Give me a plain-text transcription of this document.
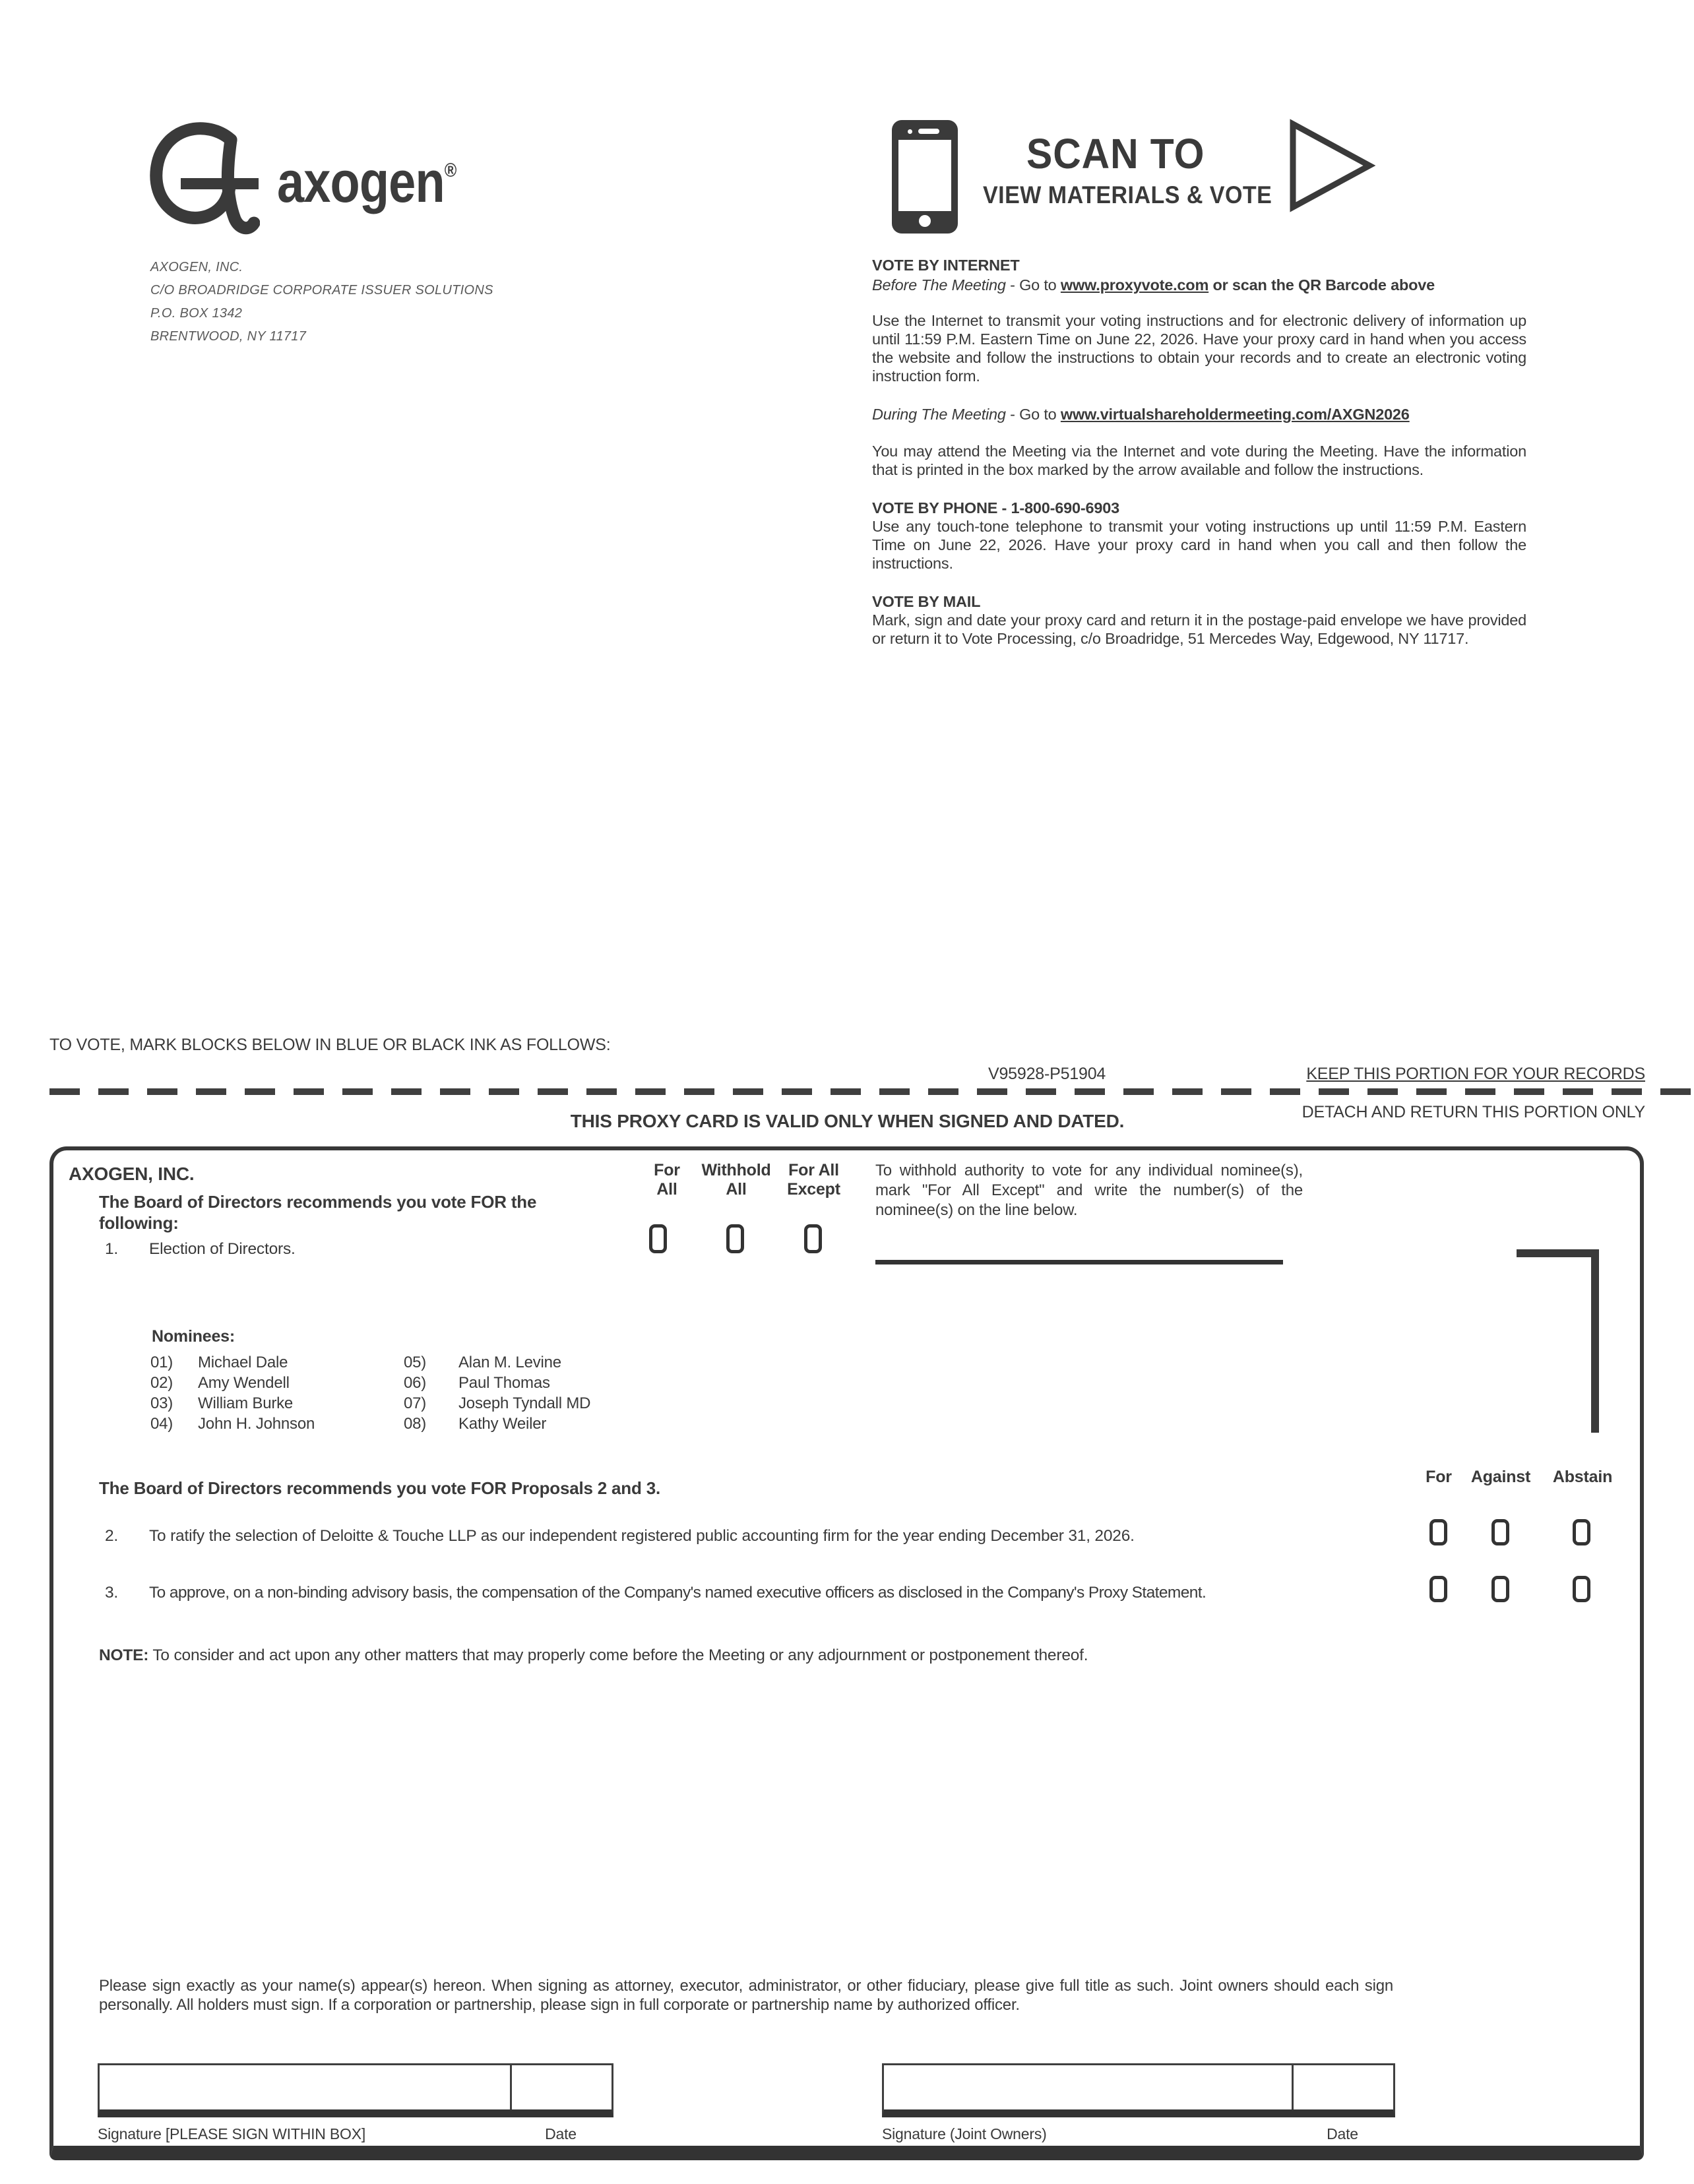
axogen®
AXOGEN, INC.
C/O BROADRIDGE CORPORATE ISSUER SOLUTIONS
P.O. BOX 1342
BRENTWOOD, NY 11717
SCAN TO
VIEW MATERIALS & VOTE
VOTE BY INTERNET
Before The Meeting - Go to www.proxyvote.com or scan the QR Barcode above
Use the Internet to transmit your voting instructions and for electronic delivery of information up until 11:59 P.M. Eastern Time on June 22, 2026. Have your proxy card in hand when you access the website and follow the instructions to obtain your records and to create an electronic voting instruction form.
During The Meeting - Go to www.virtualshareholdermeeting.com/AXGN2026
You may attend the Meeting via the Internet and vote during the Meeting. Have the information that is printed in the box marked by the arrow available and follow the instructions.
VOTE BY PHONE - 1-800-690-6903
Use any touch-tone telephone to transmit your voting instructions up until 11:59 P.M. Eastern Time on June 22, 2026. Have your proxy card in hand when you call and then follow the instructions.
VOTE BY MAIL
Mark, sign and date your proxy card and return it in the postage-paid envelope we have provided or return it to Vote Processing, c/o Broadridge, 51 Mercedes Way, Edgewood, NY 11717.
TO VOTE, MARK BLOCKS BELOW IN BLUE OR BLACK INK AS FOLLOWS:
V95928-P51904	KEEP THIS PORTION FOR YOUR RECORDS
DETACH AND RETURN THIS PORTION ONLY
THIS PROXY CARD IS VALID ONLY WHEN SIGNED AND DATED.
AXOGEN, INC.
The Board of Directors recommends you vote FOR the following:
For
All
Withhold
All
For All
Except
To withhold authority to vote for any individual nominee(s), mark "For All Except" and write the number(s) of the nominee(s) on the line below.
1. Election of Directors.
Nominees:
01) Michael Dale
02) Amy Wendell
03) William Burke
04) John H. Johnson
05) Alan M. Levine
06) Paul Thomas
07) Joseph Tyndall MD
08) Kathy Weiler
The Board of Directors recommends you vote FOR Proposals 2 and 3.
For	Against	Abstain
2. To ratify the selection of Deloitte & Touche LLP as our independent registered public accounting firm for the year ending December 31, 2026.
3. To approve, on a non-binding advisory basis, the compensation of the Company's named executive officers as disclosed in the Company's Proxy Statement.
NOTE: To consider and act upon any other matters that may properly come before the Meeting or any adjournment or postponement thereof.
Please sign exactly as your name(s) appear(s) hereon. When signing as attorney, executor, administrator, or other fiduciary, please give full title as such. Joint owners should each sign personally. All holders must sign. If a corporation or partnership, please sign in full corporate or partnership name by authorized officer.
Signature [PLEASE SIGN WITHIN BOX]	Date	Signature (Joint Owners)	Date
